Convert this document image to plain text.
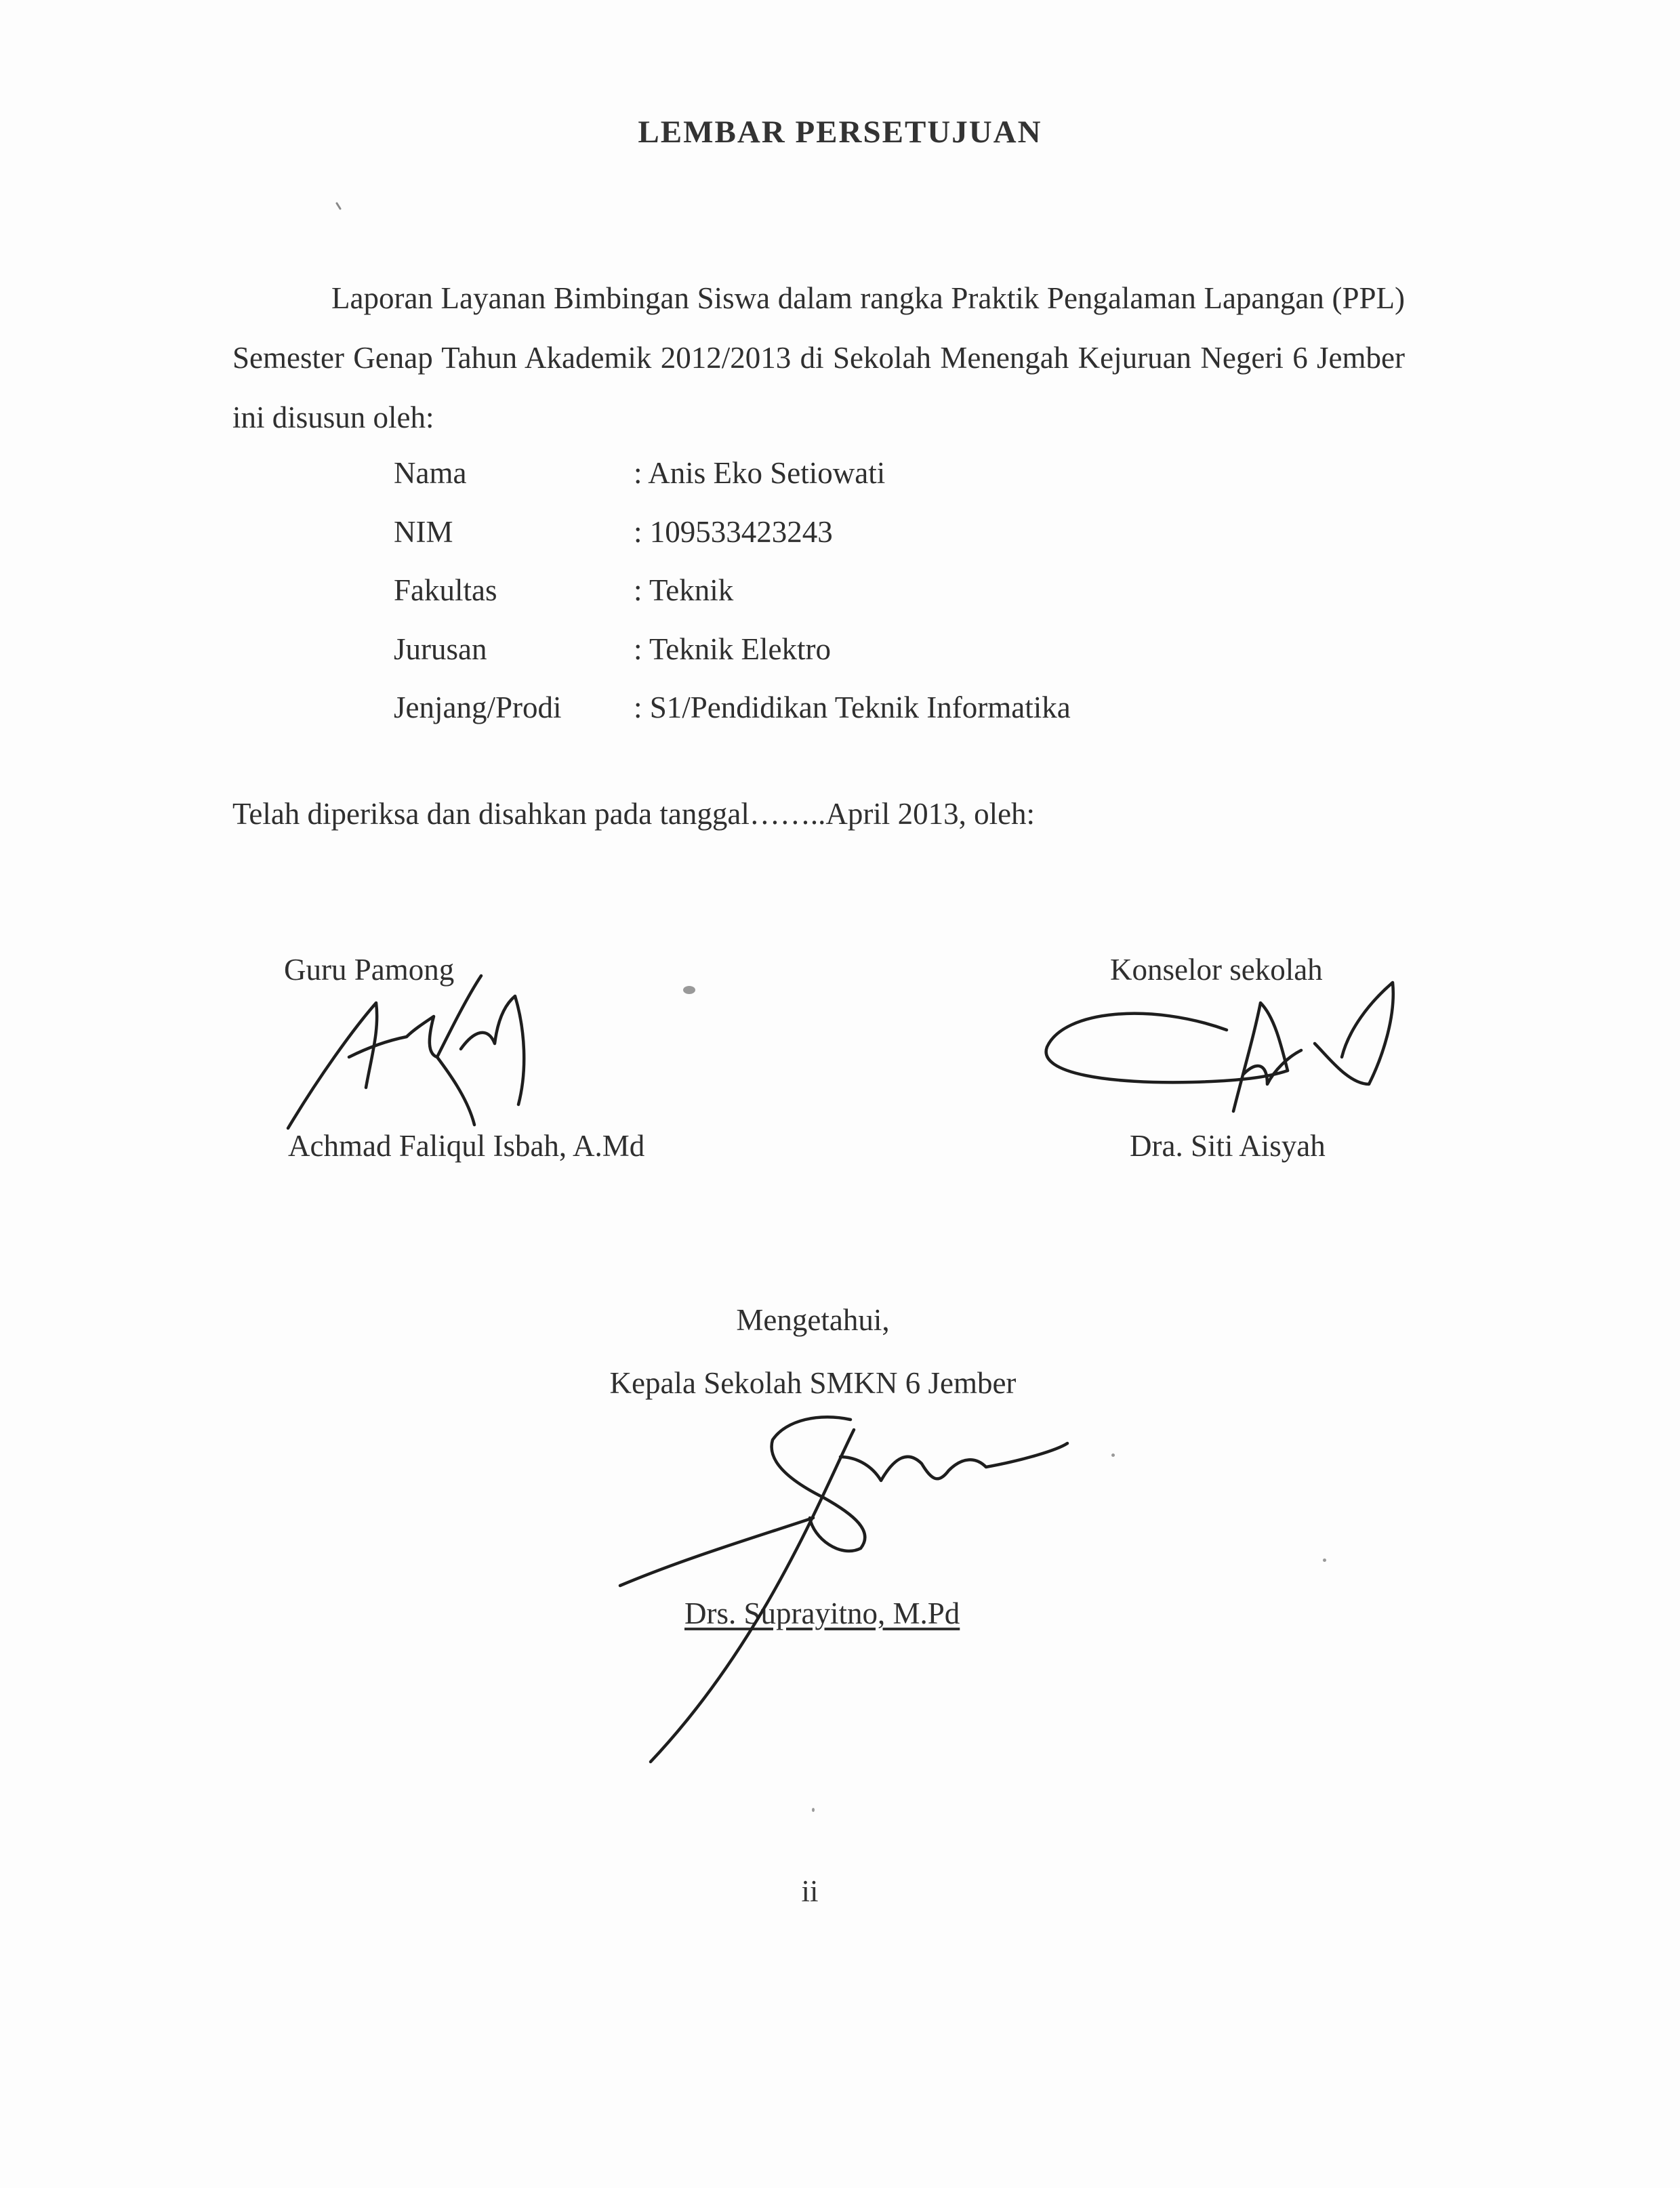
LEMBAR PERSETUJUAN
Laporan Layanan Bimbingan Siswa dalam rangka Praktik Pengalaman Lapangan (PPL) Semester Genap Tahun Akademik 2012/2013 di Sekolah Menengah Kejuruan Negeri 6 Jember ini disusun oleh:
Nama	: Anis Eko Setiowati
NIM	: 109533423243
Fakultas	: Teknik
Jurusan	: Teknik Elektro
Jenjang/Prodi : S1/Pendidikan Teknik Informatika
Telah diperiksa dan disahkan pada tanggal……..April 2013, oleh:
Guru Pamong
Achmad Faliqul Isbah, A.Md
Konselor sekolah
Dra. Siti Aisyah
Mengetahui,
Kepala Sekolah SMKN 6 Jember
Drs. Suprayitno, M.Pd
ii
